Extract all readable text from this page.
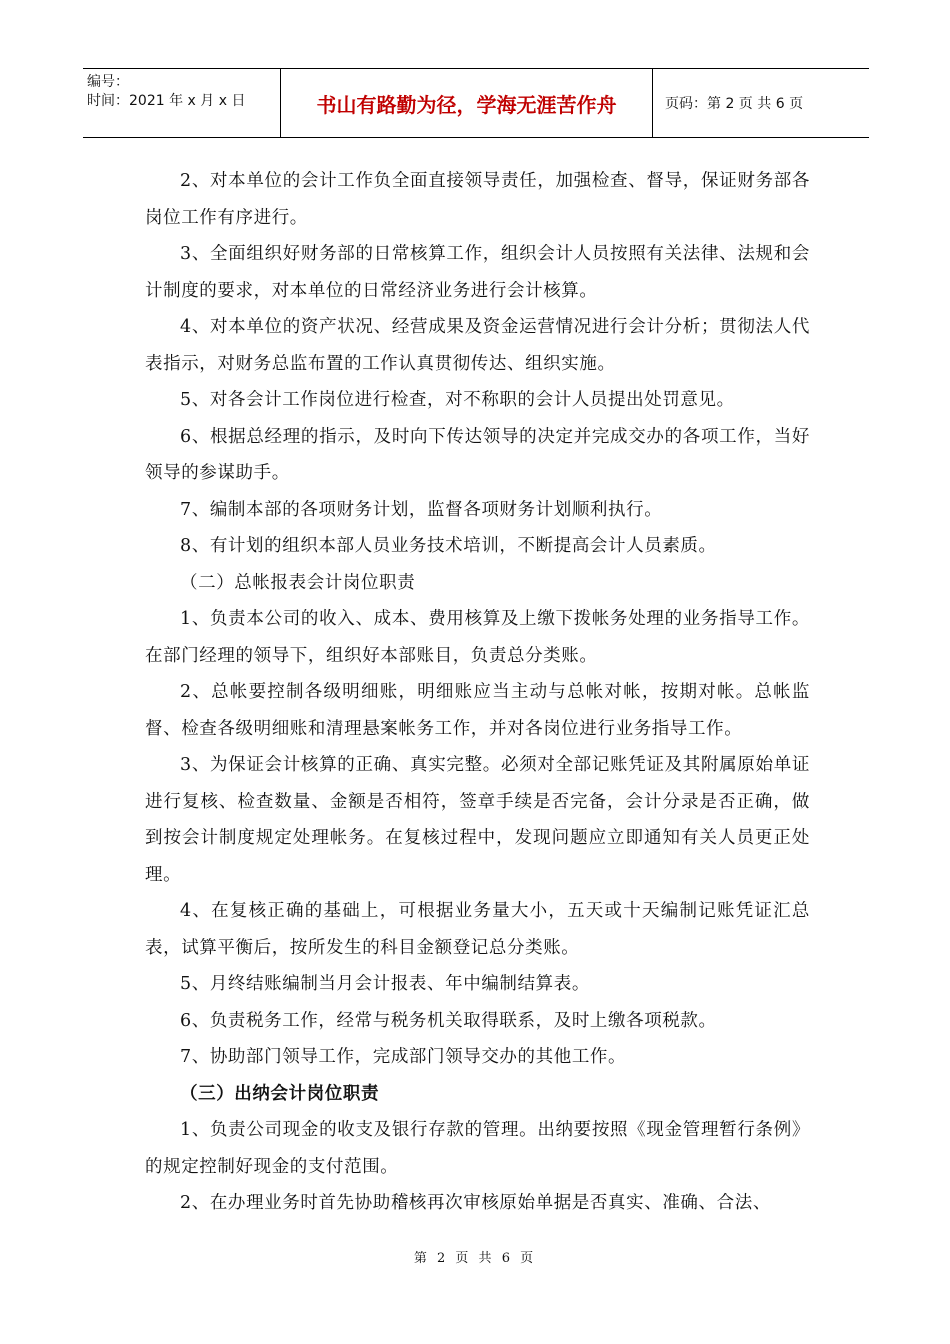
编号：
时间：2021 年 x 月 x 日	书山有路勤为径，学海无涯苦作舟	页码：第 2 页 共 6 页

2、对本单位的会计工作负全面直接领导责任，加强检查、督导，保证财务部各岗位工作有序进行。

3、全面组织好财务部的日常核算工作，组织会计人员按照有关法律、法规和会计制度的要求，对本单位的日常经济业务进行会计核算。

4、对本单位的资产状况、经营成果及资金运营情况进行会计分析；贯彻法人代表指示，对财务总监布置的工作认真贯彻传达、组织实施。

5、对各会计工作岗位进行检查，对不称职的会计人员提出处罚意见。

6、根据总经理的指示，及时向下传达领导的决定并完成交办的各项工作，当好领导的参谋助手。

7、编制本部的各项财务计划，监督各项财务计划顺利执行。

8、有计划的组织本部人员业务技术培训，不断提高会计人员素质。

（二）总帐报表会计岗位职责

1、负责本公司的收入、成本、费用核算及上缴下拨帐务处理的业务指导工作。在部门经理的领导下，组织好本部账目，负责总分类账。

2、总帐要控制各级明细账，明细账应当主动与总帐对帐，按期对帐。总帐监督、检查各级明细账和清理悬案帐务工作，并对各岗位进行业务指导工作。

3、为保证会计核算的正确、真实完整。必须对全部记账凭证及其附属原始单证进行复核、检查数量、金额是否相符，签章手续是否完备，会计分录是否正确，做到按会计制度规定处理帐务。在复核过程中，发现问题应立即通知有关人员更正处理。

4、在复核正确的基础上，可根据业务量大小，五天或十天编制记账凭证汇总表，试算平衡后，按所发生的科目金额登记总分类账。

5、月终结账编制当月会计报表、年中编制结算表。

6、负责税务工作，经常与税务机关取得联系，及时上缴各项税款。

7、协助部门领导工作，完成部门领导交办的其他工作。

（三）出纳会计岗位职责

1、负责公司现金的收支及银行存款的管理。出纳要按照《现金管理暂行条例》的规定控制好现金的支付范围。

2、在办理业务时首先协助稽核再次审核原始单据是否真实、准确、合法、

第 2 页 共 6 页
